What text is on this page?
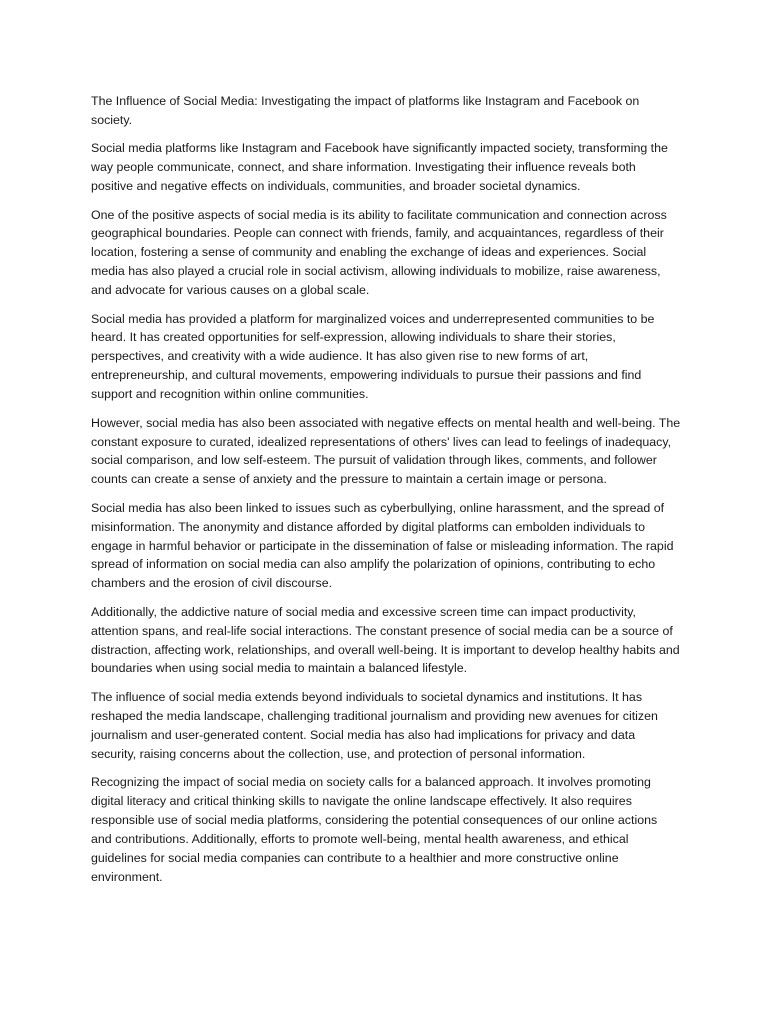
The Influence of Social Media: Investigating the impact of platforms like Instagram and Facebook on society.

Social media platforms like Instagram and Facebook have significantly impacted society, transforming the way people communicate, connect, and share information. Investigating their influence reveals both positive and negative effects on individuals, communities, and broader societal dynamics.

One of the positive aspects of social media is its ability to facilitate communication and connection across geographical boundaries. People can connect with friends, family, and acquaintances, regardless of their location, fostering a sense of community and enabling the exchange of ideas and experiences. Social media has also played a crucial role in social activism, allowing individuals to mobilize, raise awareness, and advocate for various causes on a global scale.

Social media has provided a platform for marginalized voices and underrepresented communities to be heard. It has created opportunities for self-expression, allowing individuals to share their stories, perspectives, and creativity with a wide audience. It has also given rise to new forms of art, entrepreneurship, and cultural movements, empowering individuals to pursue their passions and find support and recognition within online communities.

However, social media has also been associated with negative effects on mental health and well-being. The constant exposure to curated, idealized representations of others' lives can lead to feelings of inadequacy, social comparison, and low self-esteem. The pursuit of validation through likes, comments, and follower counts can create a sense of anxiety and the pressure to maintain a certain image or persona.

Social media has also been linked to issues such as cyberbullying, online harassment, and the spread of misinformation. The anonymity and distance afforded by digital platforms can embolden individuals to engage in harmful behavior or participate in the dissemination of false or misleading information. The rapid spread of information on social media can also amplify the polarization of opinions, contributing to echo chambers and the erosion of civil discourse.

Additionally, the addictive nature of social media and excessive screen time can impact productivity, attention spans, and real-life social interactions. The constant presence of social media can be a source of distraction, affecting work, relationships, and overall well-being. It is important to develop healthy habits and boundaries when using social media to maintain a balanced lifestyle.

The influence of social media extends beyond individuals to societal dynamics and institutions. It has reshaped the media landscape, challenging traditional journalism and providing new avenues for citizen journalism and user-generated content. Social media has also had implications for privacy and data security, raising concerns about the collection, use, and protection of personal information.

Recognizing the impact of social media on society calls for a balanced approach. It involves promoting digital literacy and critical thinking skills to navigate the online landscape effectively. It also requires responsible use of social media platforms, considering the potential consequences of our online actions and contributions. Additionally, efforts to promote well-being, mental health awareness, and ethical guidelines for social media companies can contribute to a healthier and more constructive online environment.
